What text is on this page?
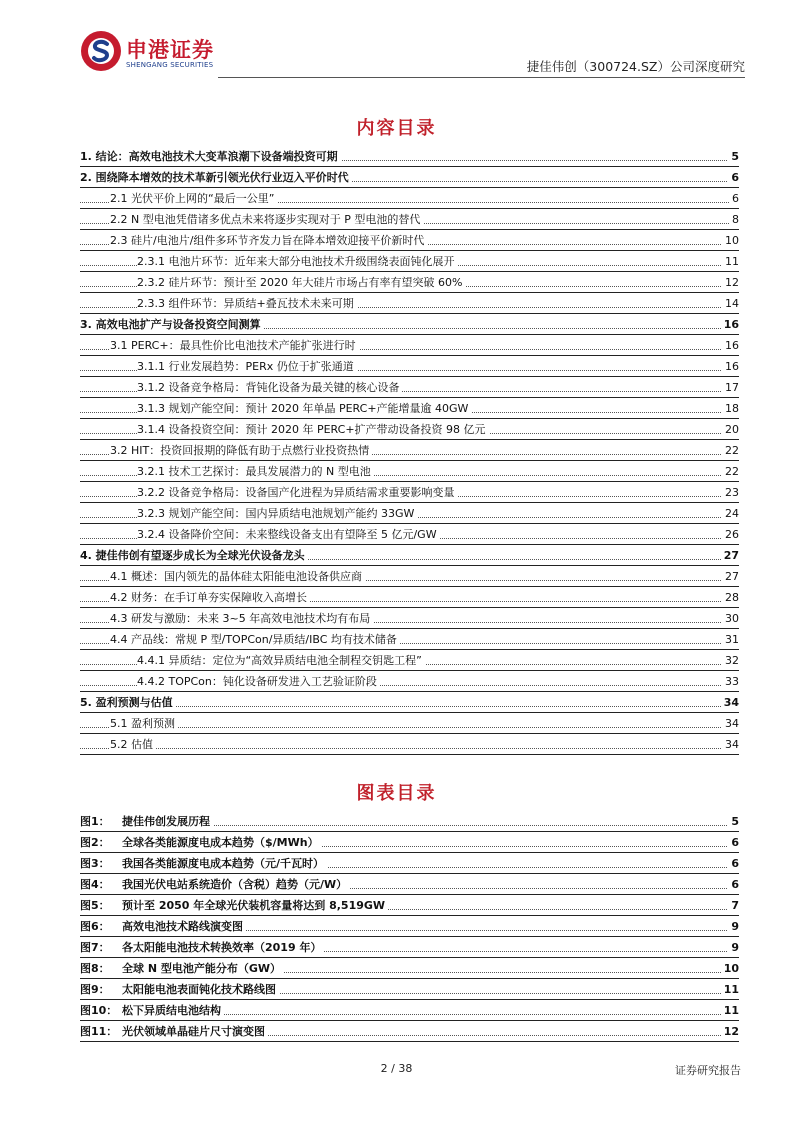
申港证券
SHENGANG SECURITIES	捷佳伟创（300724.SZ）公司深度研究
内容目录
1. 结论：高效电池技术大变革浪潮下设备端投资可期	5
2. 围绕降本增效的技术革新引领光伏行业迈入平价时代	6
2.1 光伏平价上网的“最后一公里”	6
2.2 N 型电池凭借诸多优点未来将逐步实现对于 P 型电池的替代	8
2.3 硅片/电池片/组件多环节齐发力旨在降本增效迎接平价新时代	10
2.3.1 电池片环节：近年来大部分电池技术升级围绕表面钝化展开	11
2.3.2 硅片环节：预计至 2020 年大硅片市场占有率有望突破 60%	12
2.3.3 组件环节：异质结+叠瓦技术未来可期	14
3. 高效电池扩产与设备投资空间测算	16
3.1 PERC+：最具性价比电池技术产能扩张进行时	16
3.1.1 行业发展趋势：PERx 仍位于扩张通道	16
3.1.2 设备竞争格局：背钝化设备为最关键的核心设备	17
3.1.3 规划产能空间：预计 2020 年单晶 PERC+产能增量逾 40GW	18
3.1.4 设备投资空间：预计 2020 年 PERC+扩产带动设备投资 98 亿元	20
3.2 HIT：投资回报期的降低有助于点燃行业投资热情	22
3.2.1 技术工艺探讨：最具发展潜力的 N 型电池	22
3.2.2 设备竞争格局：设备国产化进程为异质结需求重要影响变量	23
3.2.3 规划产能空间：国内异质结电池规划产能约 33GW	24
3.2.4 设备降价空间：未来整线设备支出有望降至 5 亿元/GW	26
4. 捷佳伟创有望逐步成长为全球光伏设备龙头	27
4.1 概述：国内领先的晶体硅太阳能电池设备供应商	27
4.2 财务：在手订单夯实保障收入高增长	28
4.3 研发与激励：未来 3~5 年高效电池技术均有布局	30
4.4 产品线：常规 P 型/TOPCon/异质结/IBC 均有技术储备	31
4.4.1 异质结：定位为“高效异质结电池全制程交钥匙工程”	32
4.4.2 TOPCon：钝化设备研发进入工艺验证阶段	33
5. 盈利预测与估值	34
5.1 盈利预测	34
5.2 估值	34
图表目录
图1： 捷佳伟创发展历程	5
图2： 全球各类能源度电成本趋势（$/MWh）	6
图3： 我国各类能源度电成本趋势（元/千瓦时）	6
图4： 我国光伏电站系统造价（含税）趋势（元/W）	6
图5： 预计至 2050 年全球光伏装机容量将达到 8,519GW	7
图6： 高效电池技术路线演变图	9
图7： 各太阳能电池技术转换效率（2019 年）	9
图8： 全球 N 型电池产能分布（GW）	10
图9： 太阳能电池表面钝化技术路线图	11
图10： 松下异质结电池结构	11
图11： 光伏领域单晶硅片尺寸演变图	12
2 / 38	证券研究报告
